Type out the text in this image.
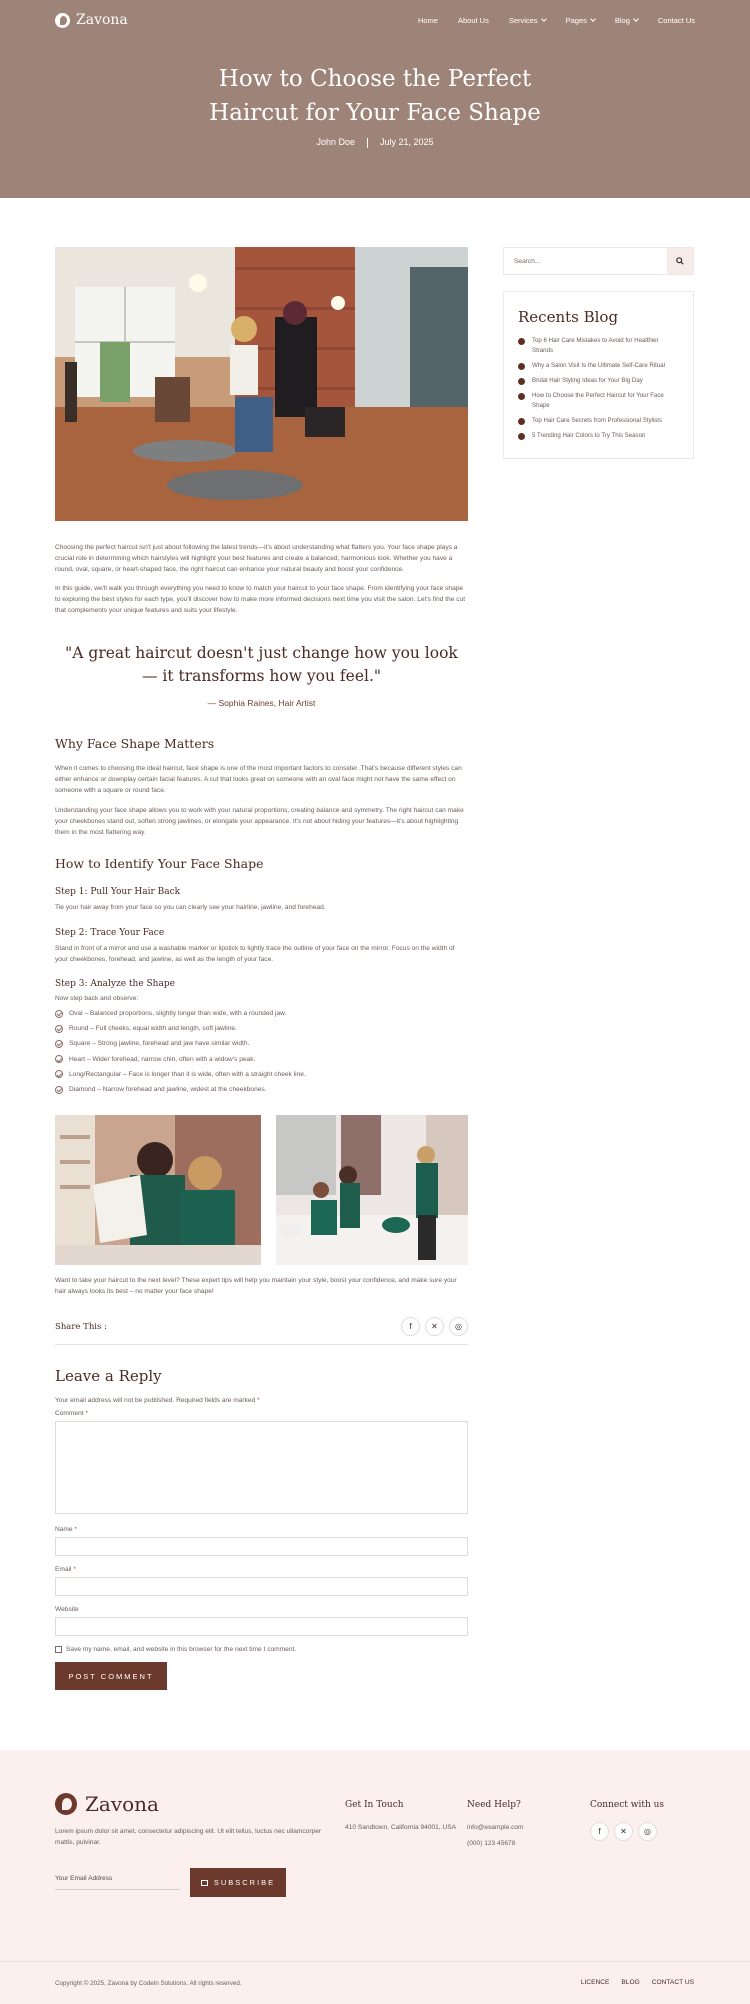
Zavona	Home	About Us	Services	Pages	Blog	Contact Us
How to Choose the Perfect
Haircut for Your Face Shape
John Doe	July 21, 2025

Choosing the perfect haircut isn't just about following the latest trends—it's about understanding what flatters you. Your face shape plays a crucial role in determining which hairstyles will highlight your best features and create a balanced, harmonious look. Whether you have a round, oval, square, or heart-shaped face, the right haircut can enhance your natural beauty and boost your confidence.

In this guide, we'll walk you through everything you need to know to match your haircut to your face shape. From identifying your face shape to exploring the best styles for each type, you'll discover how to make more informed decisions next time you visit the salon. Let's find the cut that complements your unique features and suits your lifestyle.

"A great haircut doesn't just change how you look — it transforms how you feel."
— Sophia Raines, Hair Artist
Why Face Shape Matters

When it comes to choosing the ideal haircut, face shape is one of the most important factors to consider. That's because different styles can either enhance or downplay certain facial features. A cut that looks great on someone with an oval face might not have the same effect on someone with a square or round face.

Understanding your face shape allows you to work with your natural proportions, creating balance and symmetry. The right haircut can make your cheekbones stand out, soften strong jawlines, or elongate your appearance. It's not about hiding your features—it's about highlighting them in the most flattering way.

How to Identify Your Face Shape
Step 1: Pull Your Hair Back

Tie your hair away from your face so you can clearly see your hairline, jawline, and forehead.

Step 2: Trace Your Face

Stand in front of a mirror and use a washable marker or lipstick to lightly trace the outline of your face on the mirror. Focus on the width of your cheekbones, forehead, and jawline, as well as the length of your face.

Step 3: Analyze the Shape

Now step back and observe:

Oval – Balanced proportions, slightly longer than wide, with a rounded jaw.
Round – Full cheeks, equal width and length, soft jawline.
Square – Strong jawline, forehead and jaw have similar width.
Heart – Wider forehead, narrow chin, often with a widow's peak.
Long/Rectangular – Face is longer than it is wide, often with a straight cheek line.
Diamond – Narrow forehead and jawline, widest at the cheekbones.

Want to take your haircut to the next level? These expert tips will help you maintain your style, boost your confidence, and make sure your hair always looks its best – no matter your face shape!

Share This :	f	✕	◎
Leave a Reply

Your email address will not be published. Required fields are marked *

Comment *

Name *

Email *

Website

Save my name, email, and website in this browser for the next time I comment.
POST COMMENT
Search...
Recents Blog
Top 6 Hair Care Mistakes to Avoid for Healthier Strands
Why a Salon Visit Is the Ultimate Self-Care Ritual
Bridal Hair Styling Ideas for Your Big Day
How to Choose the Perfect Haircut for Your Face Shape
Top Hair Care Secrets from Professional Stylists
5 Trending Hair Colors to Try This Season
Zavona

Lorem ipsum dolor sit amet, consectetur adipiscing elit. Ut elit tellus, luctus nec ullamcorper mattis, pulvinar.

Your Email Address	SUBSCRIBE
Get In Touch
410 Sandtown, California 94001, USA
Need Help?
info@example.com
(000) 123 45678
Connect with us
f	✕	◎
Copyright © 2025, Zavona by Codeln Solutions. All rights reserved.	LICENCE BLOG CONTACT US
